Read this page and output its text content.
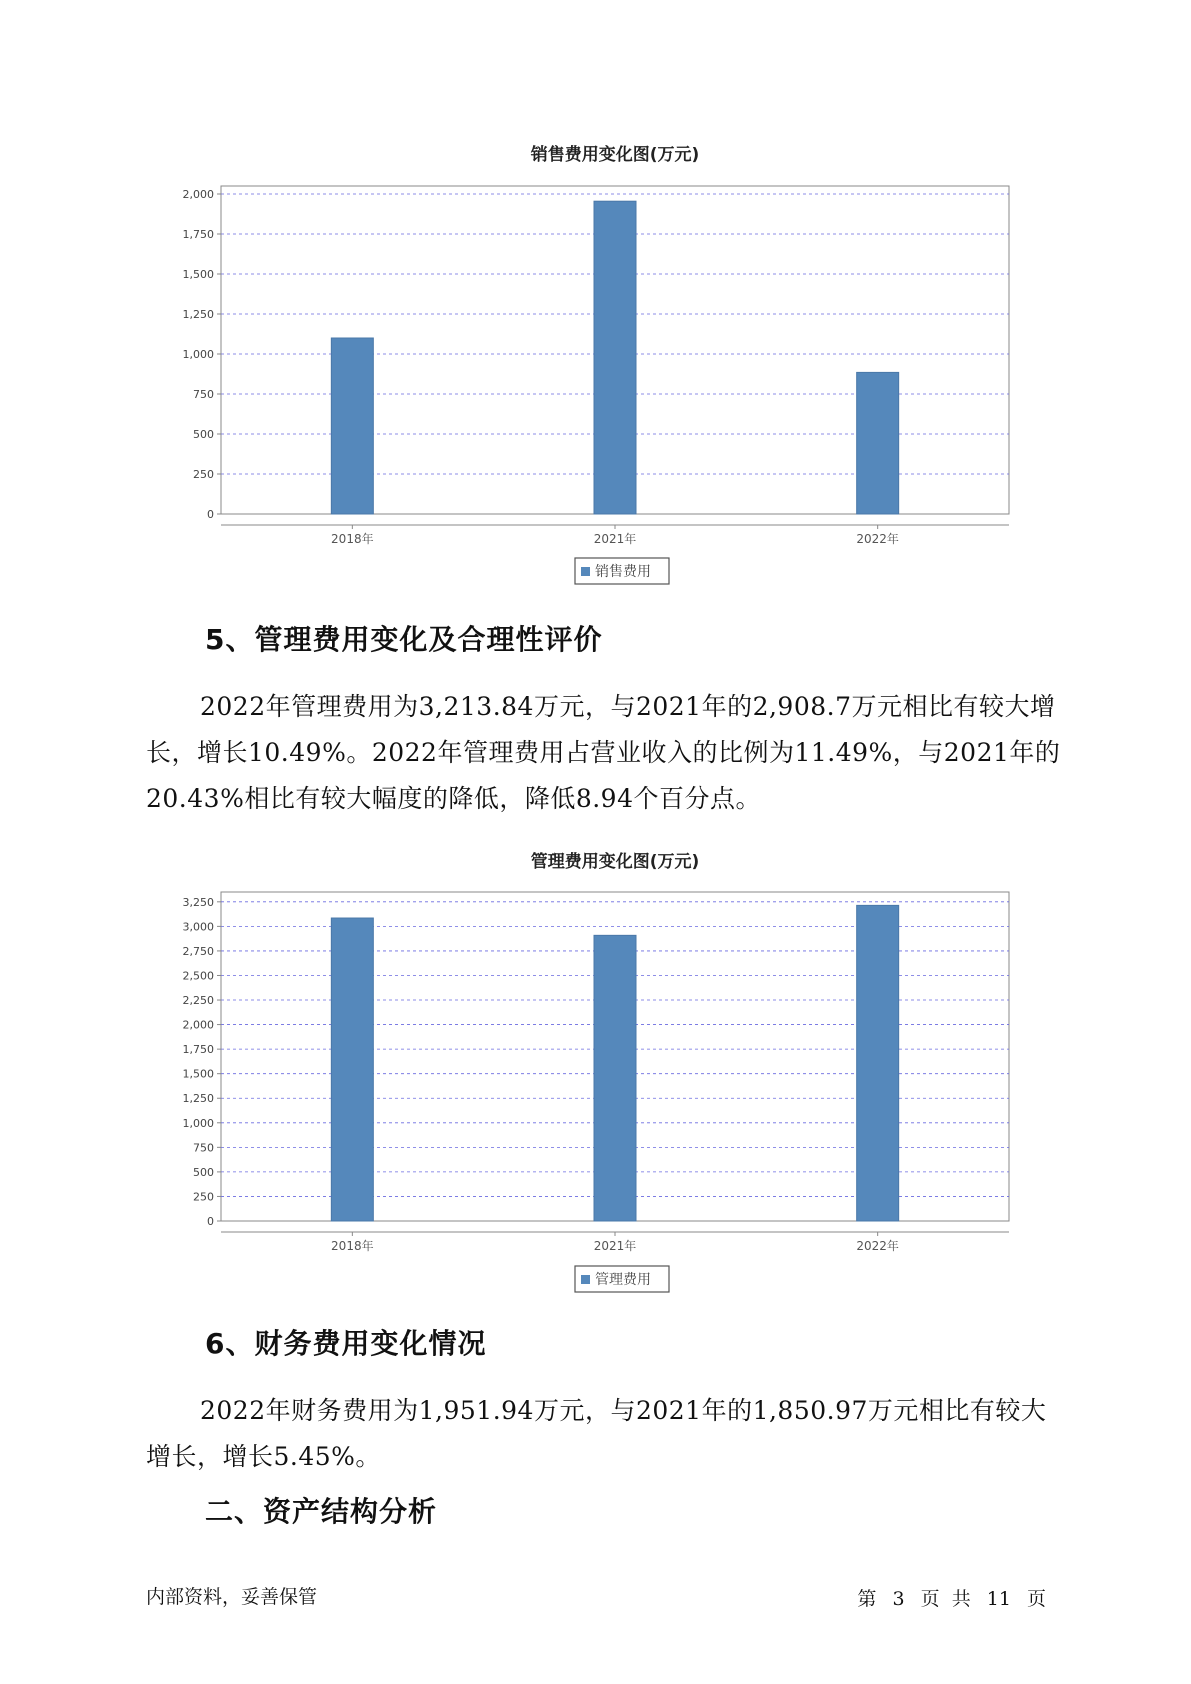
销售费用变化图(万元)
0
250
500
750
1,000
1,250
1,500
1,750
2,000
2018年	2021年	2022年
销售费用
5、管理费用变化及合理性评价

2022年管理费用为3,213.84万元，与2021年的2,908.7万元相比有较大增长，增长10.49%。2022年管理费用占营业收入的比例为11.49%，与2021年的20.43%相比有较大幅度的降低，降低8.94个百分点。

管理费用变化图(万元)
0
250
500
750
1,000
1,250
1,500
1,750
2,000
2,250
2,500
2,750
3,000
3,250
2018年	2021年	2022年
管理费用
6、财务费用变化情况

2022年财务费用为1,951.94万元，与2021年的1,850.97万元相比有较大增长，增长5.45%。

二、资产结构分析
内部资料，妥善保管	第 3 页  共 11 页
